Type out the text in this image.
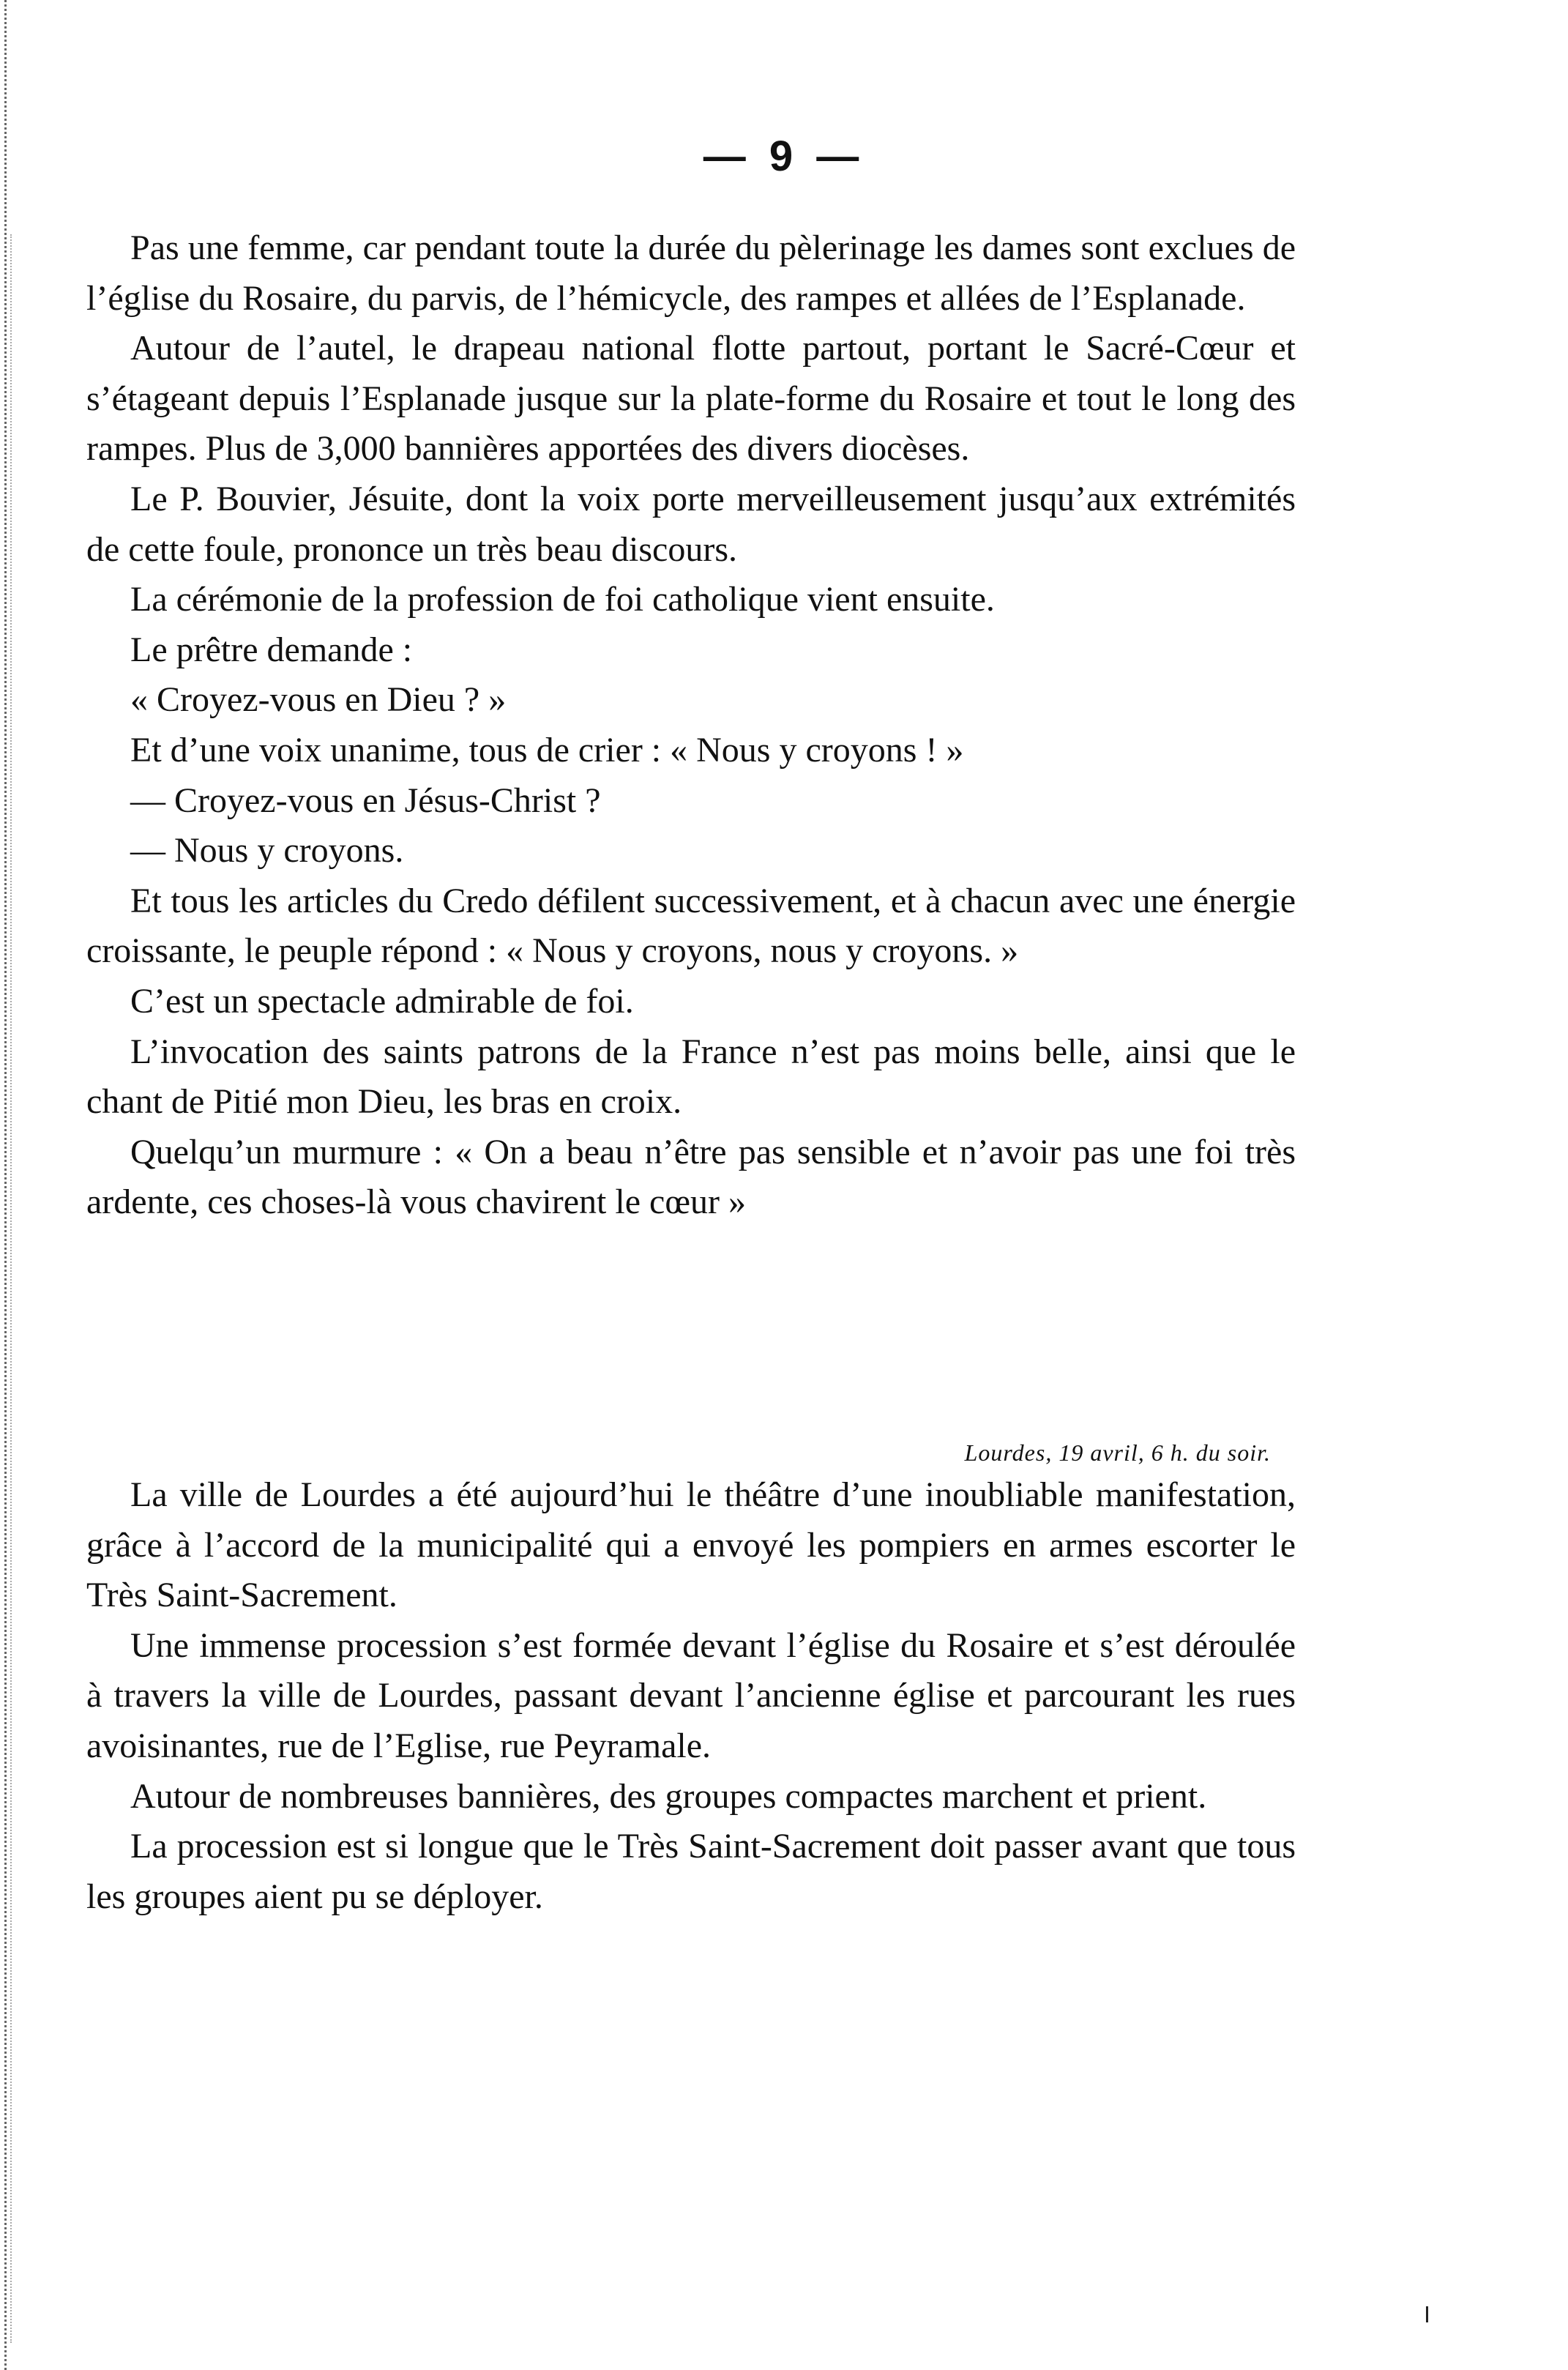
— 9 —

Pas une femme, car pendant toute la durée du pèlerinage les dames sont exclues de l’église du Rosaire, du parvis, de l’hémicycle, des rampes et allées de l’Esplanade.

Autour de l’autel, le drapeau national flotte partout, portant le Sacré-Cœur et s’étageant depuis l’Esplanade jusque sur la plate-forme du Rosaire et tout le long des rampes. Plus de 3,000 bannières apportées des divers diocèses.

Le P. Bouvier, Jésuite, dont la voix porte merveilleusement jusqu’aux extrémités de cette foule, prononce un très beau discours.

La cérémonie de la profession de foi catholique vient ensuite.

Le prêtre demande :

« Croyez-vous en Dieu ? »

Et d’une voix unanime, tous de crier : « Nous y croyons ! »

— Croyez-vous en Jésus-Christ ?

— Nous y croyons.

Et tous les articles du Credo défilent successivement, et à chacun avec une énergie croissante, le peuple répond : « Nous y croyons, nous y croyons. »

C’est un spectacle admirable de foi.

L’invocation des saints patrons de la France n’est pas moins belle, ainsi que le chant de Pitié mon Dieu, les bras en croix.

Quelqu’un murmure : « On a beau n’être pas sensible et n’avoir pas une foi très ardente, ces choses-là vous chavirent le cœur »

Lourdes, 19 avril, 6 h. du soir.

La ville de Lourdes a été aujourd’hui le théâtre d’une inoubliable manifestation, grâce à l’accord de la municipalité qui a envoyé les pompiers en armes escorter le Très Saint-Sacrement.

Une immense procession s’est formée devant l’église du Rosaire et s’est déroulée à travers la ville de Lourdes, passant devant l’ancienne église et parcourant les rues avoisinantes, rue de l’Eglise, rue Peyramale.

Autour de nombreuses bannières, des groupes compactes marchent et prient.

La procession est si longue que le Très Saint-Sacrement doit passer avant que tous les groupes aient pu se déployer.
